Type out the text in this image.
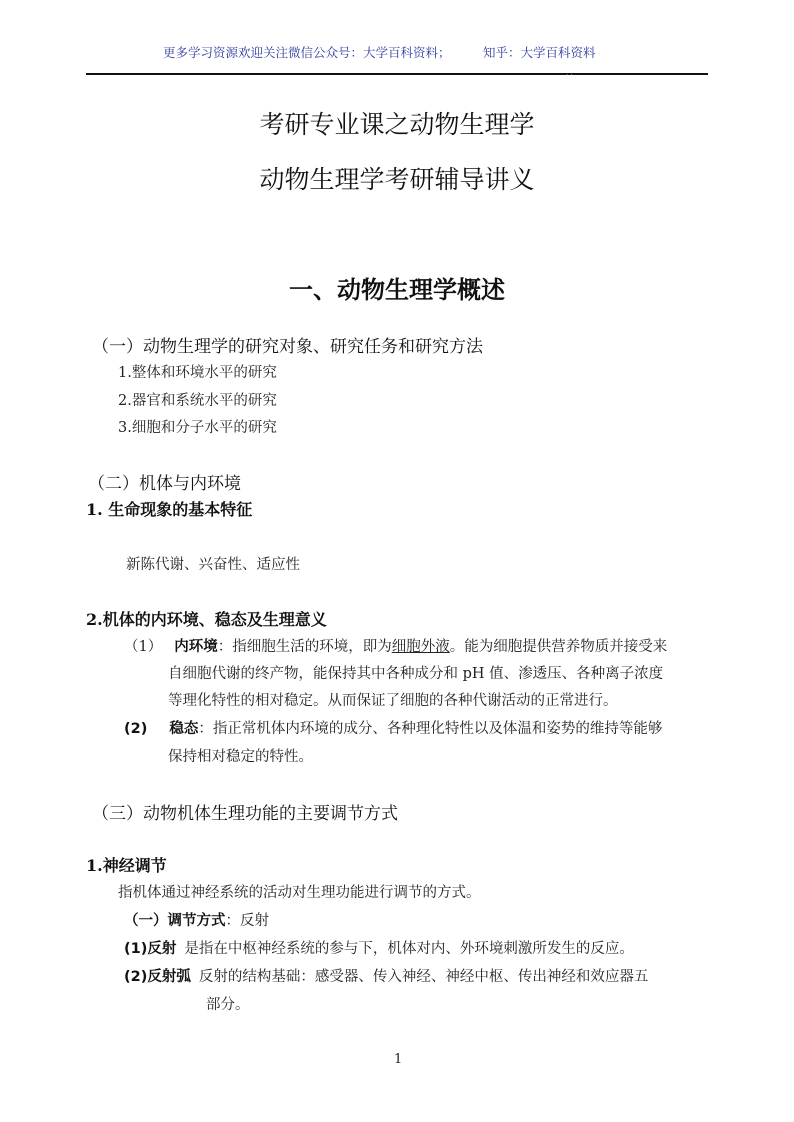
更多学习资源欢迎关注微信公众号：大学百科资料；	知乎：大学百科资料
· ·
考研专业课之动物生理学
动物生理学考研辅导讲义
一、动物生理学概述
（一）动物生理学的研究对象、研究任务和研究方法
1.整体和环境水平的研究
2.器官和系统水平的研究
3.细胞和分子水平的研究
（二）机体与内环境
1. 生命现象的基本特征
新陈代谢、兴奋性、适应性
2.机体的内环境、稳态及生理意义
（1） 内环境：指细胞生活的环境，即为细胞外液。能为细胞提供营养物质并接受来
自细胞代谢的终产物，能保持其中各种成分和 pH 值、渗透压、各种离子浓度
等理化特性的相对稳定。从而保证了细胞的各种代谢活动的正常进行。
(2) 稳态：指正常机体内环境的成分、各种理化特性以及体温和姿势的维持等能够
保持相对稳定的特性。
（三）动物机体生理功能的主要调节方式
1.神经调节
指机体通过神经系统的活动对生理功能进行调节的方式。
（一）调节方式：反射
(1)反射 是指在中枢神经系统的参与下，机体对内、外环境刺激所发生的反应。
(2)反射弧 反射的结构基础：感受器、传入神经、神经中枢、传出神经和效应器五
部分。
1
